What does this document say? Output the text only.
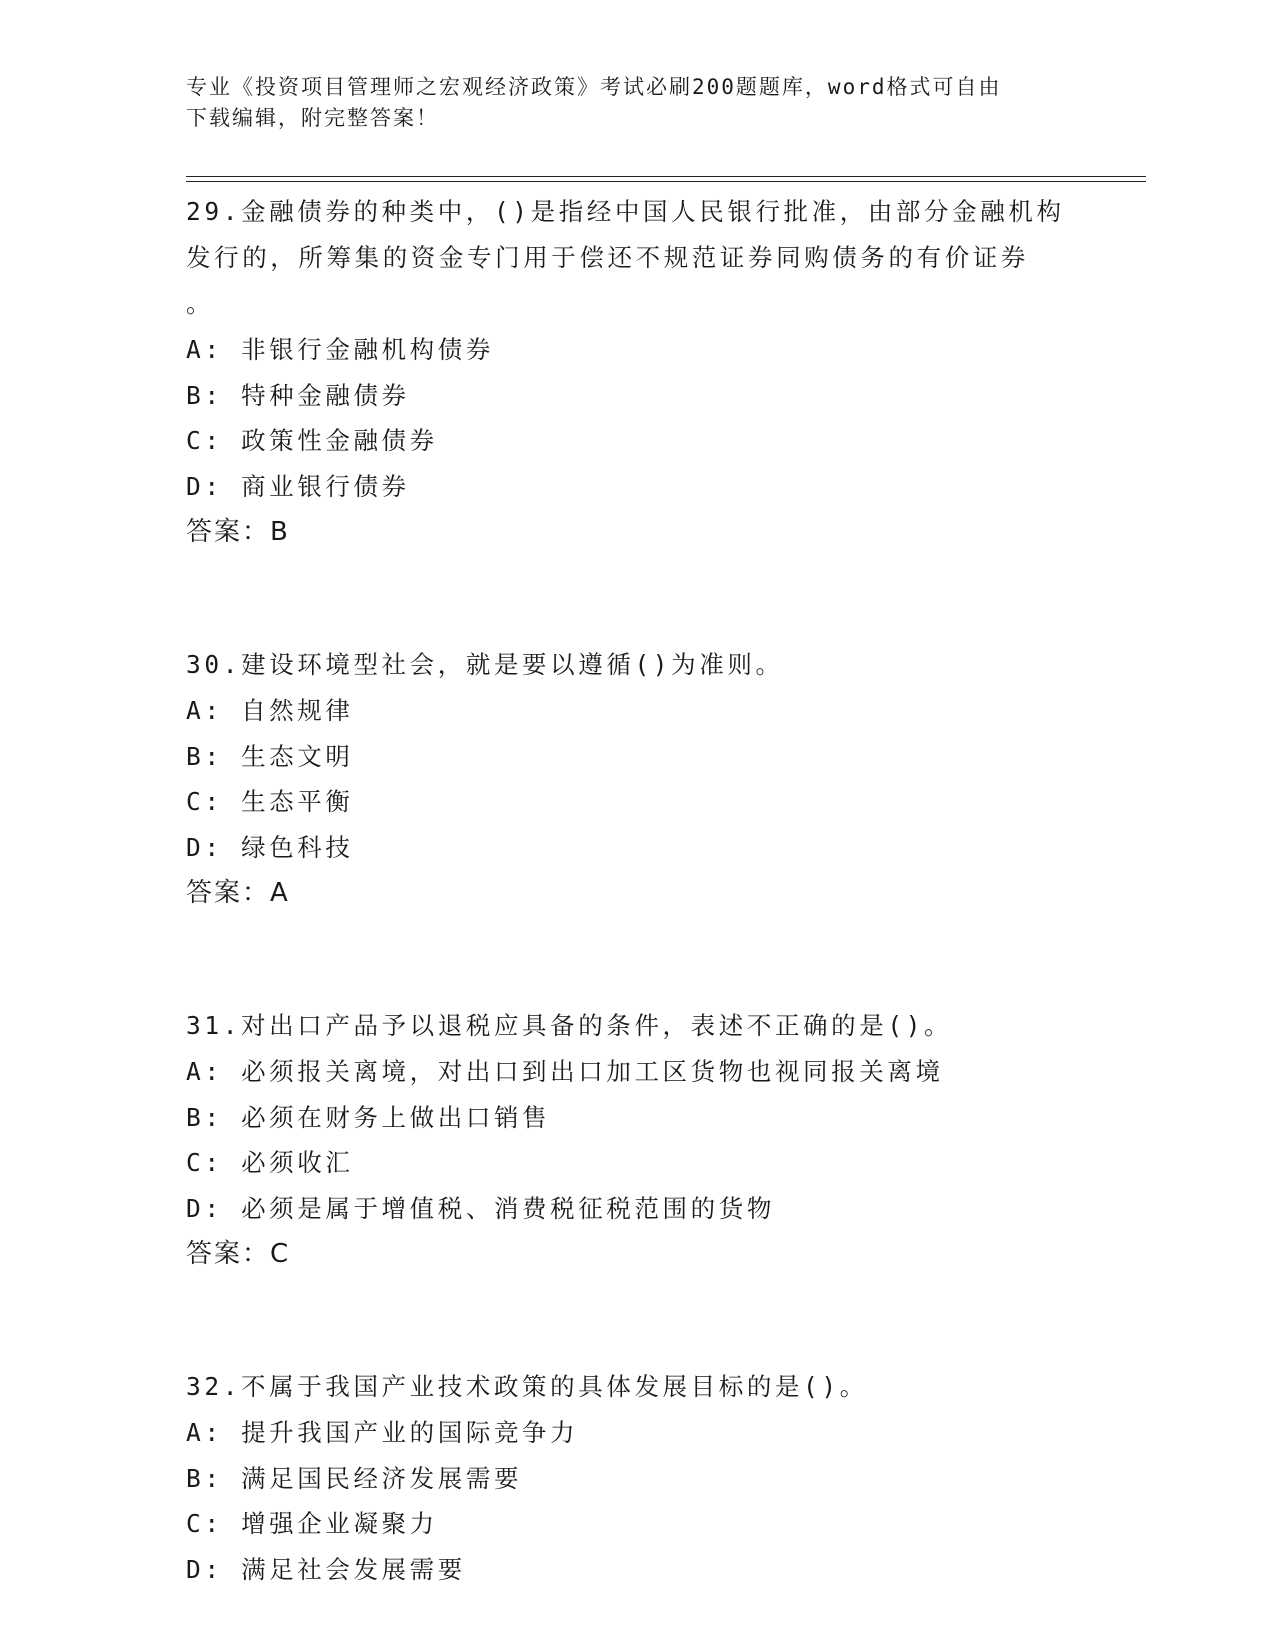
专业《投资项目管理师之宏观经济政策》考试必刷200题题库，word格式可自由
下载编辑，附完整答案！
29.金融债券的种类中，()是指经中国人民银行批准，由部分金融机构
发行的，所筹集的资金专门用于偿还不规范证券同购债务的有价证券
。
A: 非银行金融机构债券
B: 特种金融债券
C: 政策性金融债券
D: 商业银行债券
答案：B
30.建设环境型社会，就是要以遵循()为准则。
A: 自然规律
B: 生态文明
C: 生态平衡
D: 绿色科技
答案：A
31.对出口产品予以退税应具备的条件，表述不正确的是()。
A: 必须报关离境，对出口到出口加工区货物也视同报关离境
B: 必须在财务上做出口销售
C: 必须收汇
D: 必须是属于增值税、消费税征税范围的货物
答案：C
32.不属于我国产业技术政策的具体发展目标的是()。
A: 提升我国产业的国际竞争力
B: 满足国民经济发展需要
C: 增强企业凝聚力
D: 满足社会发展需要
